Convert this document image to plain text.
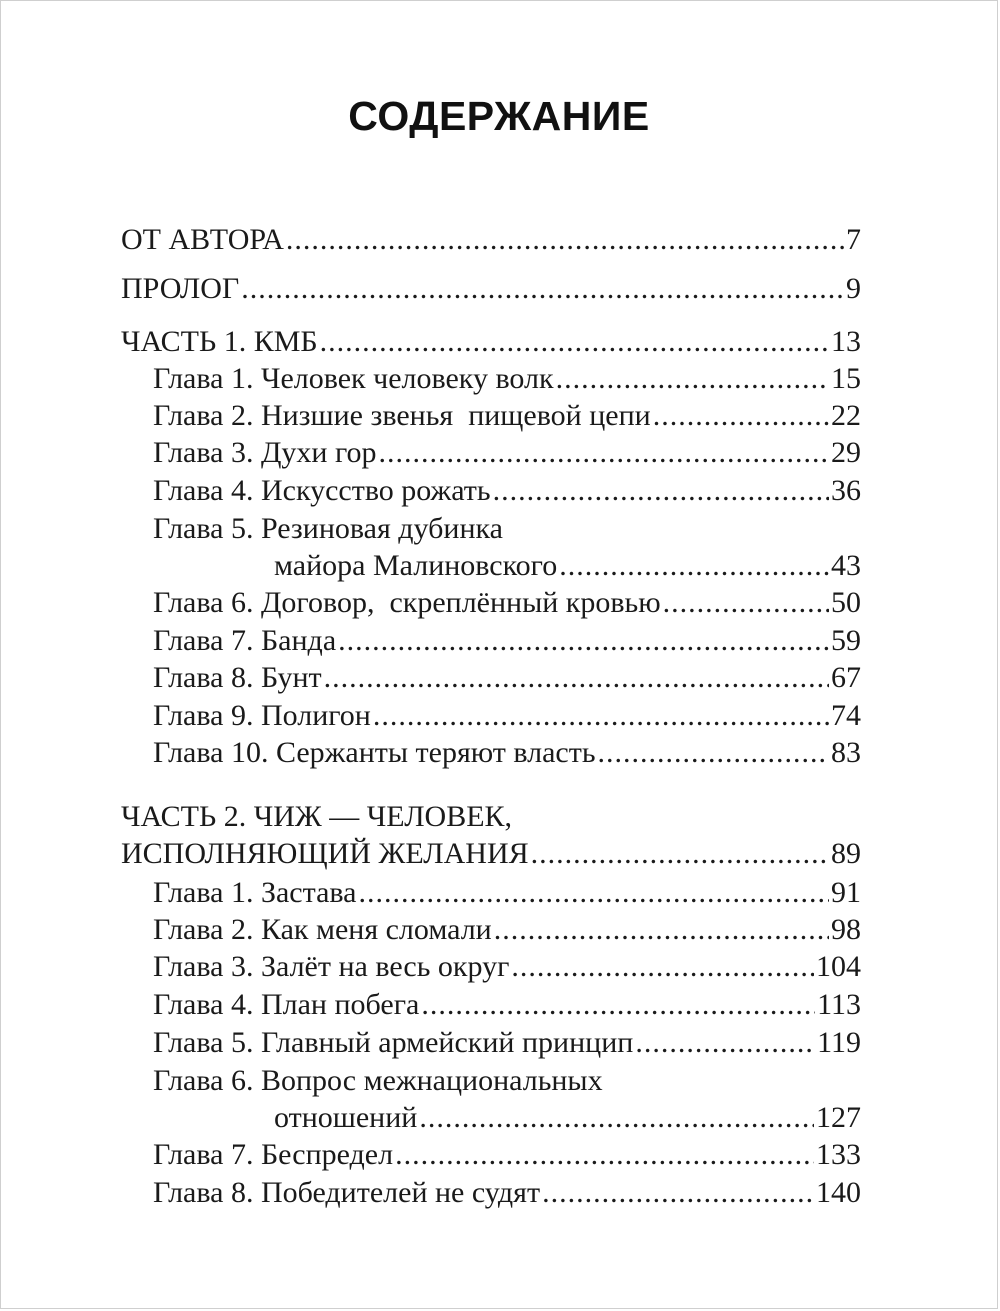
СОДЕРЖАНИЕ
ОТ АВТОРА .....	7
ПРОЛОГ .....	9
ЧАСТЬ 1. КМБ .....	13
Глава 1. Человек человеку волк .....	15
Глава 2. Низшие звенья  пищевой цепи .....	22
Глава 3. Духи гор .....	29
Глава 4. Искусство рожать .....	36
Глава 5. Резиновая дубинка
майора Малиновского .....	43
Глава 6. Договор,  скреплённый кровью .....	50
Глава 7. Банда .....	59
Глава 8. Бунт .....	67
Глава 9. Полигон .....	74
Глава 10. Сержанты теряют власть .....	83
ЧАСТЬ 2. ЧИЖ — ЧЕЛОВЕК,
ИСПОЛНЯЮЩИЙ ЖЕЛАНИЯ .....	89
Глава 1. Застава .....	91
Глава 2. Как меня сломали .....	98
Глава 3. Залёт на весь округ .....	104
Глава 4. План побега .....	113
Глава 5. Главный армейский принцип .....	119
Глава 6. Вопрос межнациональных
отношений .....	127
Глава 7. Беспредел .....	133
Глава 8. Победителей не судят .....	140
